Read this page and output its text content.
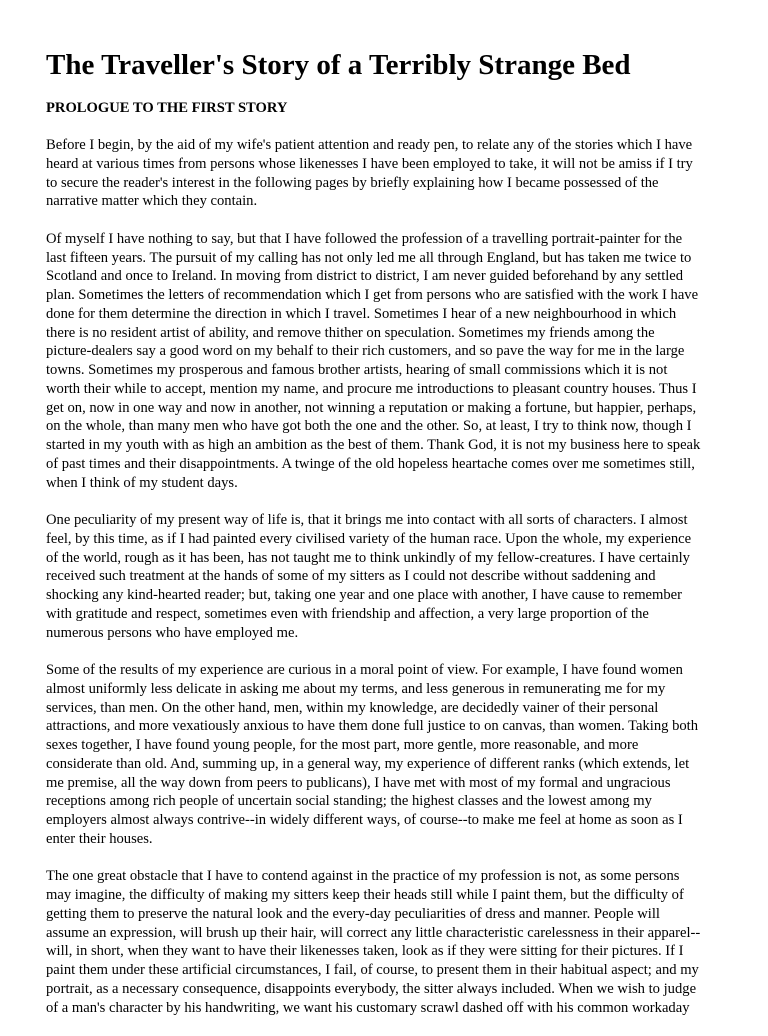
The Traveller's Story of a Terribly Strange Bed
PROLOGUE TO THE FIRST STORY

Before I begin, by the aid of my wife's patient attention and ready pen, to relate any of the stories which I have
heard at various times from persons whose likenesses I have been employed to take, it will not be amiss if I try
to secure the reader's interest in the following pages by briefly explaining how I became possessed of the
narrative matter which they contain.

Of myself I have nothing to say, but that I have followed the profession of a travelling portrait-painter for the
last fifteen years. The pursuit of my calling has not only led me all through England, but has taken me twice to
Scotland and once to Ireland. In moving from district to district, I am never guided beforehand by any settled
plan. Sometimes the letters of recommendation which I get from persons who are satisfied with the work I have
done for them determine the direction in which I travel. Sometimes I hear of a new neighbourhood in which
there is no resident artist of ability, and remove thither on speculation. Sometimes my friends among the
picture-dealers say a good word on my behalf to their rich customers, and so pave the way for me in the large
towns. Sometimes my prosperous and famous brother artists, hearing of small commissions which it is not
worth their while to accept, mention my name, and procure me introductions to pleasant country houses. Thus I
get on, now in one way and now in another, not winning a reputation or making a fortune, but happier, perhaps,
on the whole, than many men who have got both the one and the other. So, at least, I try to think now, though I
started in my youth with as high an ambition as the best of them. Thank God, it is not my business here to speak
of past times and their disappointments. A twinge of the old hopeless heartache comes over me sometimes still,
when I think of my student days.

One peculiarity of my present way of life is, that it brings me into contact with all sorts of characters. I almost
feel, by this time, as if I had painted every civilised variety of the human race. Upon the whole, my experience
of the world, rough as it has been, has not taught me to think unkindly of my fellow-creatures. I have certainly
received such treatment at the hands of some of my sitters as I could not describe without saddening and
shocking any kind-hearted reader; but, taking one year and one place with another, I have cause to remember
with gratitude and respect, sometimes even with friendship and affection, a very large proportion of the
numerous persons who have employed me.

Some of the results of my experience are curious in a moral point of view. For example, I have found women
almost uniformly less delicate in asking me about my terms, and less generous in remunerating me for my
services, than men. On the other hand, men, within my knowledge, are decidedly vainer of their personal
attractions, and more vexatiously anxious to have them done full justice to on canvas, than women. Taking both
sexes together, I have found young people, for the most part, more gentle, more reasonable, and more
considerate than old. And, summing up, in a general way, my experience of different ranks (which extends, let
me premise, all the way down from peers to publicans), I have met with most of my formal and ungracious
receptions among rich people of uncertain social standing; the highest classes and the lowest among my
employers almost always contrive--in widely different ways, of course--to make me feel at home as soon as I
enter their houses.

The one great obstacle that I have to contend against in the practice of my profession is not, as some persons
may imagine, the difficulty of making my sitters keep their heads still while I paint them, but the difficulty of
getting them to preserve the natural look and the every-day peculiarities of dress and manner. People will
assume an expression, will brush up their hair, will correct any little characteristic carelessness in their apparel--
will, in short, when they want to have their likenesses taken, look as if they were sitting for their pictures. If I
paint them under these artificial circumstances, I fail, of course, to present them in their habitual aspect; and my
portrait, as a necessary consequence, disappoints everybody, the sitter always included. When we wish to judge
of a man's character by his handwriting, we want his customary scrawl dashed off with his common workaday
